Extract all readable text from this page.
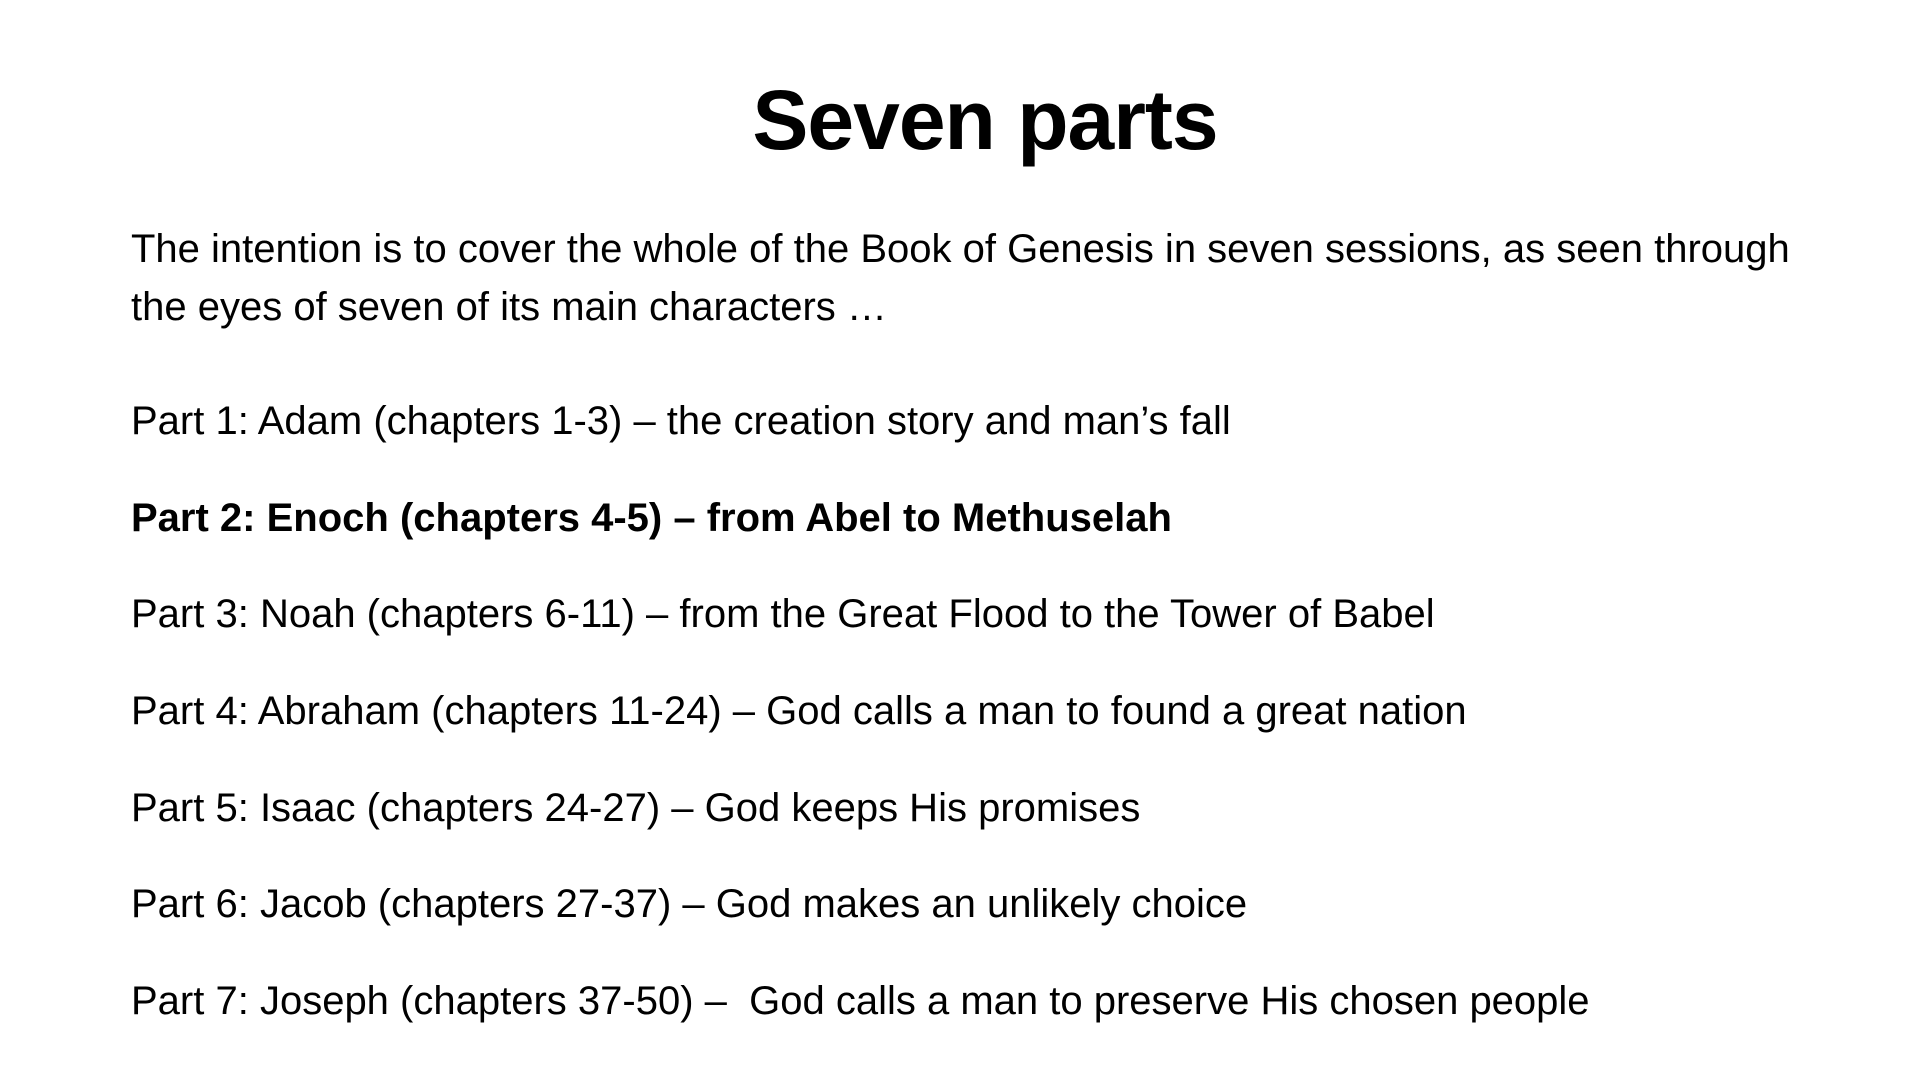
Seven parts
The intention is to cover the whole of the Book of Genesis in seven sessions, as seen through the eyes of seven of its main characters …
Part 1: Adam (chapters 1-3) – the creation story and man’s fall
Part 2: Enoch (chapters 4-5) – from Abel to Methuselah
Part 3: Noah (chapters 6-11) – from the Great Flood to the Tower of Babel
Part 4: Abraham (chapters 11-24) – God calls a man to found a great nation
Part 5: Isaac (chapters 24-27) – God keeps His promises
Part 6: Jacob (chapters 27-37) – God makes an unlikely choice
Part 7: Joseph (chapters 37-50) –  God calls a man to preserve His chosen people
